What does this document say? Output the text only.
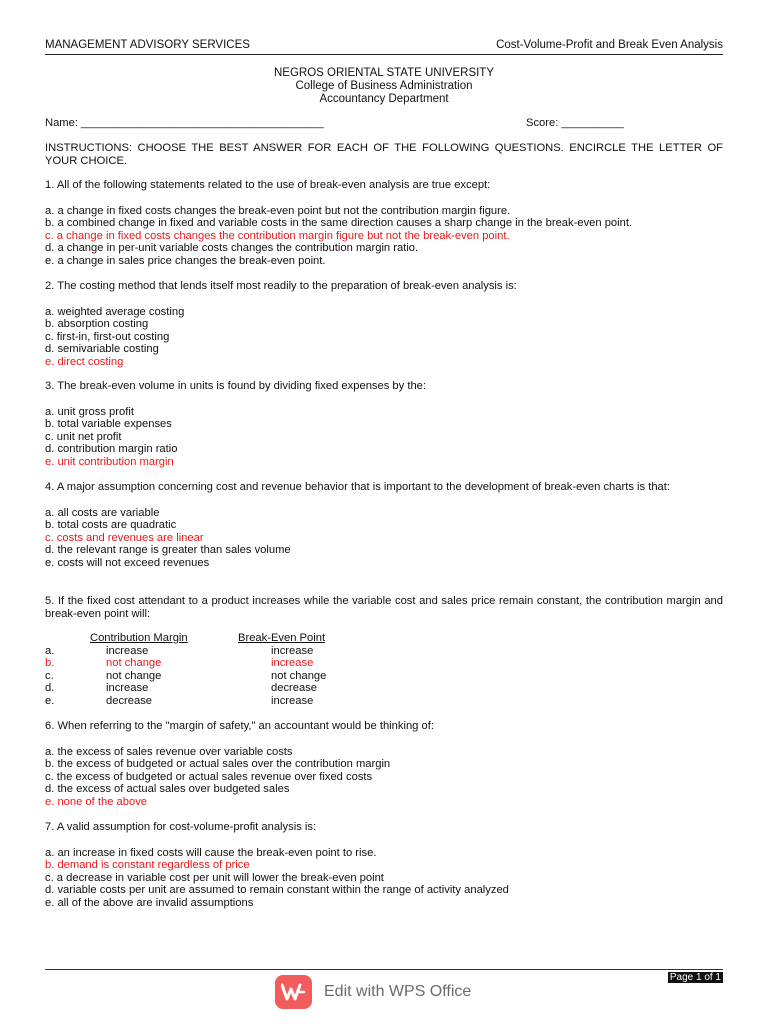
MANAGEMENT ADVISORY SERVICES	Cost-Volume-Profit and Break Even Analysis
NEGROS ORIENTAL STATE UNIVERSITY
College of Business Administration
Accountancy Department
Name: _______________________________________	Score: __________
INSTRUCTIONS: CHOOSE THE BEST ANSWER FOR EACH OF THE FOLLOWING QUESTIONS. ENCIRCLE THE LETTER OF YOUR CHOICE.
1. All of the following statements related to the use of break-even analysis are true except:
a. a change in fixed costs changes the break-even point but not the contribution margin figure.
b. a combined change in fixed and variable costs in the same direction causes a sharp change in the break-even point.
c. a change in fixed costs changes the contribution margin figure but not the break-even point.
d. a change in per-unit variable costs changes the contribution margin ratio.
e. a change in sales price changes the break-even point.
2. The costing method that lends itself most readily to the preparation of break-even analysis is:
a. weighted average costing
b. absorption costing
c. first-in, first-out costing
d. semivariable costing
e. direct costing
3. The break-even volume in units is found by dividing fixed expenses by the:
a. unit gross profit
b. total variable expenses
c. unit net profit
d. contribution margin ratio
e. unit contribution margin
4. A major assumption concerning cost and revenue behavior that is important to the development of break-even charts is that:
a. all costs are variable
b. total costs are quadratic
c. costs and revenues are linear
d. the relevant range is greater than sales volume
e. costs will not exceed revenues
5. If the fixed cost attendant to a product increases while the variable cost and sales price remain constant, the contribution margin and break-even point will:
Contribution Margin	Break-Even Point
a.	increase	increase
b.	not change	increase
c.	not change	not change
d.	increase	decrease
e.	decrease	increase
6. When referring to the "margin of safety," an accountant would be thinking of:
a. the excess of sales revenue over variable costs
b. the excess of budgeted or actual sales over the contribution margin
c. the excess of budgeted or actual sales revenue over fixed costs
d. the excess of actual sales over budgeted sales
e. none of the above
7. A valid assumption for cost-volume-profit analysis is:
a. an increase in fixed costs will cause the break-even point to rise.
b. demand is constant regardless of price
c. a decrease in variable cost per unit will lower the break-even point
d. variable costs per unit are assumed to remain constant within the range of activity analyzed
e. all of the above are invalid assumptions
Page 1 of 1
Edit with WPS Office
